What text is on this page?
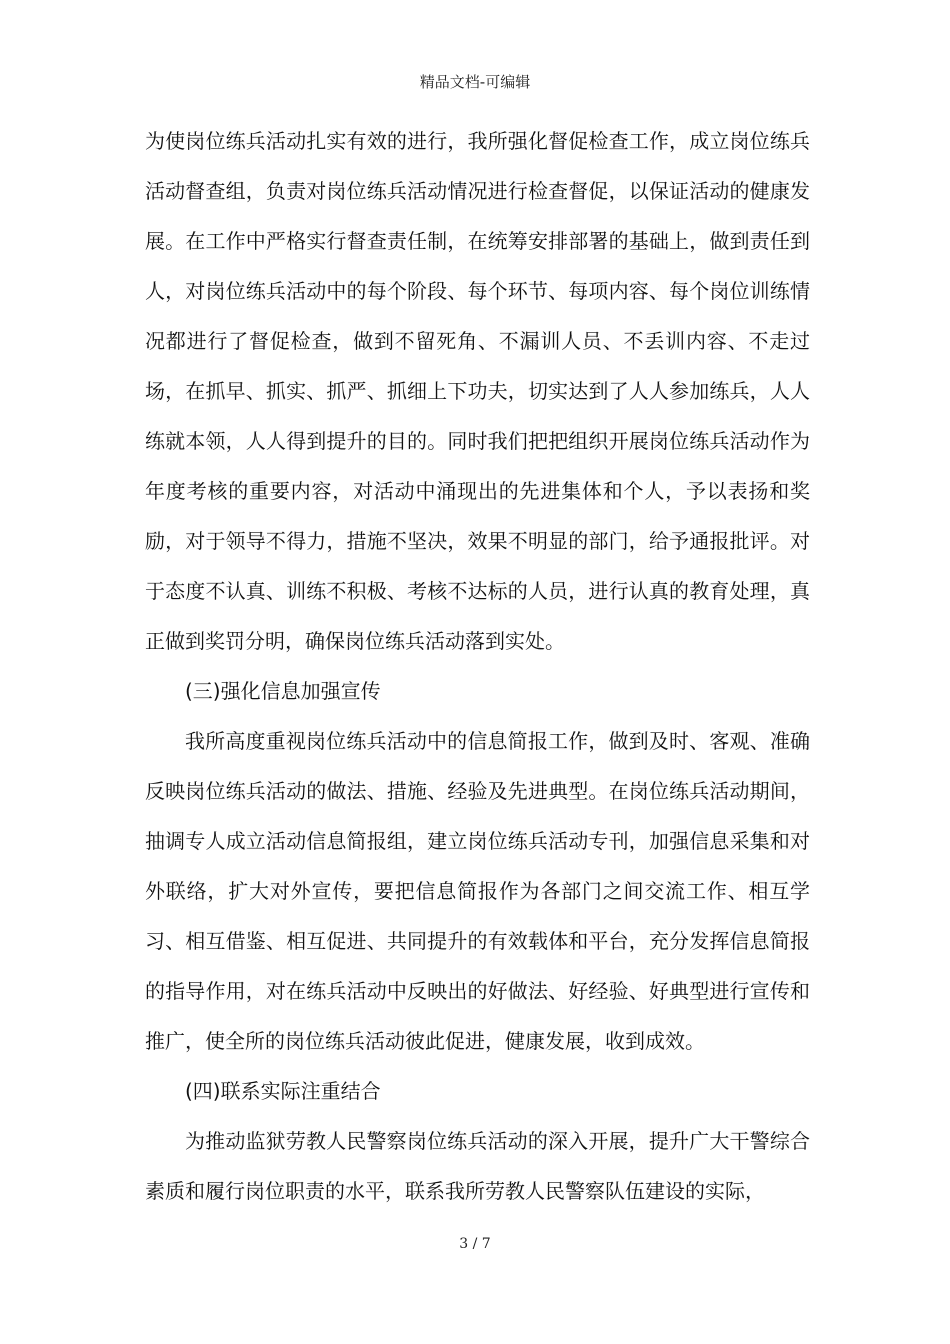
精品文档-可编辑

为使岗位练兵活动扎实有效的进行，我所强化督促检查工作，成立岗位练兵活动督查组，负责对岗位练兵活动情况进行检查督促，以保证活动的健康发展。在工作中严格实行督查责任制，在统筹安排部署的基础上，做到责任到人，对岗位练兵活动中的每个阶段、每个环节、每项内容、每个岗位训练情况都进行了督促检查，做到不留死角、不漏训人员、不丢训内容、不走过场，在抓早、抓实、抓严、抓细上下功夫，切实达到了人人参加练兵，人人练就本领，人人得到提升的目的。同时我们把把组织开展岗位练兵活动作为年度考核的重要内容，对活动中涌现出的先进集体和个人，予以表扬和奖励，对于领导不得力，措施不坚决，效果不明显的部门，给予通报批评。对于态度不认真、训练不积极、考核不达标的人员，进行认真的教育处理，真正做到奖罚分明，确保岗位练兵活动落到实处。

(三)强化信息加强宣传

我所高度重视岗位练兵活动中的信息简报工作，做到及时、客观、准确反映岗位练兵活动的做法、措施、经验及先进典型。在岗位练兵活动期间，抽调专人成立活动信息简报组，建立岗位练兵活动专刊，加强信息采集和对外联络，扩大对外宣传，要把信息简报作为各部门之间交流工作、相互学习、相互借鉴、相互促进、共同提升的有效载体和平台，充分发挥信息简报的指导作用，对在练兵活动中反映出的好做法、好经验、好典型进行宣传和推广，使全所的岗位练兵活动彼此促进，健康发展，收到成效。

(四)联系实际注重结合

为推动监狱劳教人民警察岗位练兵活动的深入开展，提升广大干警综合素质和履行岗位职责的水平，联系我所劳教人民警察队伍建设的实际，

3 / 7
